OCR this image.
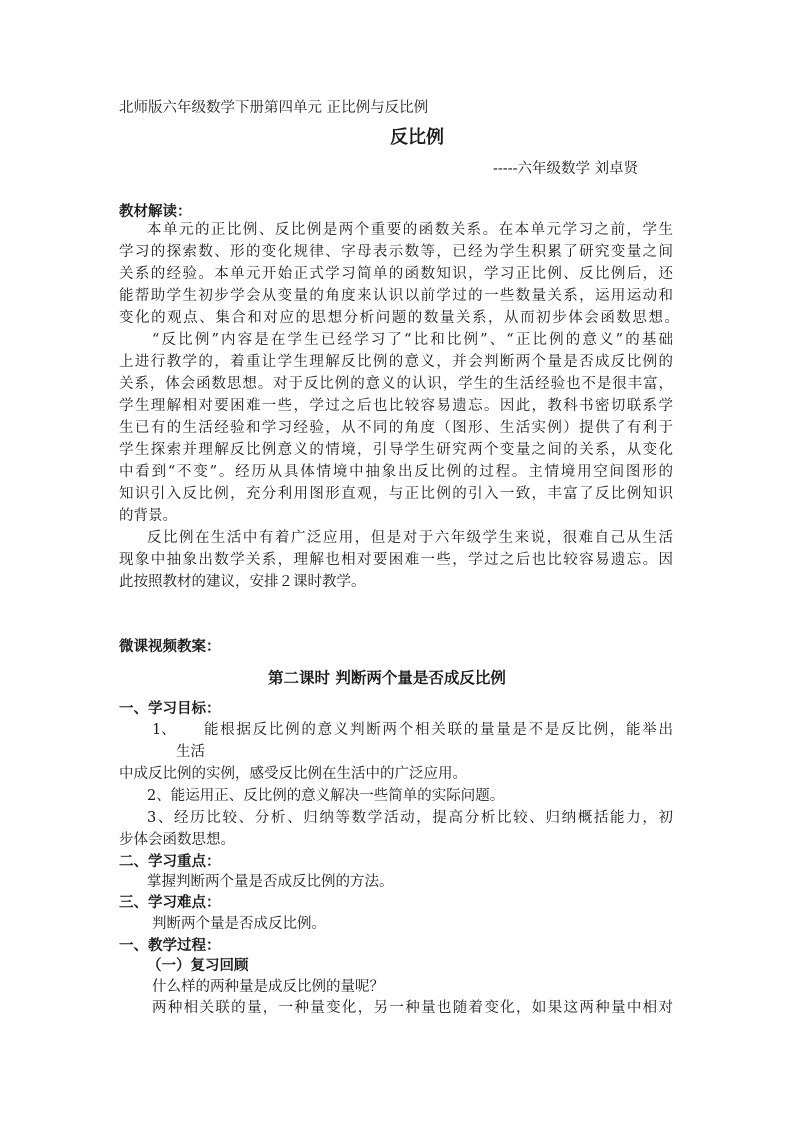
北师版六年级数学下册第四单元 正比例与反比例
反比例
-----六年级数学 刘卓贤
教材解读：
本单元的正比例、反比例是两个重要的函数关系。在本单元学习之前，学生
学习的探索数、形的变化规律、字母表示数等，已经为学生积累了研究变量之间
关系的经验。本单元开始正式学习简单的函数知识，学习正比例、反比例后，还
能帮助学生初步学会从变量的角度来认识以前学过的一些数量关系，运用运动和
变化的观点、集合和对应的思想分析问题的数量关系，从而初步体会函数思想。
“反比例”内容是在学生已经学习了“比和比例”、“正比例的意义”的基础
上进行教学的，着重让学生理解反比例的意义，并会判断两个量是否成反比例的
关系，体会函数思想。对于反比例的意义的认识，学生的生活经验也不是很丰富，
学生理解相对要困难一些，学过之后也比较容易遗忘。因此，教科书密切联系学
生已有的生活经验和学习经验，从不同的角度（图形、生活实例）提供了有利于
学生探索并理解反比例意义的情境，引导学生研究两个变量之间的关系，从变化
中看到“不变”。经历从具体情境中抽象出反比例的过程。主情境用空间图形的
知识引入反比例，充分利用图形直观，与正比例的引入一致，丰富了反比例知识
的背景。
反比例在生活中有着广泛应用，但是对于六年级学生来说，很难自己从生活
现象中抽象出数学关系，理解也相对要困难一些，学过之后也比较容易遗忘。因
此按照教材的建议，安排２课时教学。
微课视频教案：
第二课时 判断两个量是否成反比例
一、学习目标：
1、 能根据反比例的意义判断两个相关联的量量是不是反比例，能举出
生活
中成反比例的实例，感受反比例在生活中的广泛应用。
2、能运用正、反比例的意义解决一些简单的实际问题。
3、经历比较、分析、归纳等数学活动，提高分析比较、归纳概括能力，初
步体会函数思想。
二、学习重点：
掌握判断两个量是否成反比例的方法。
三、学习难点：
判断两个量是否成反比例。
一、教学过程：
（一）复习回顾
什么样的两种量是成反比例的量呢？
两种相关联的量，一种量变化，另一种量也随着变化，如果这两种量中相对
